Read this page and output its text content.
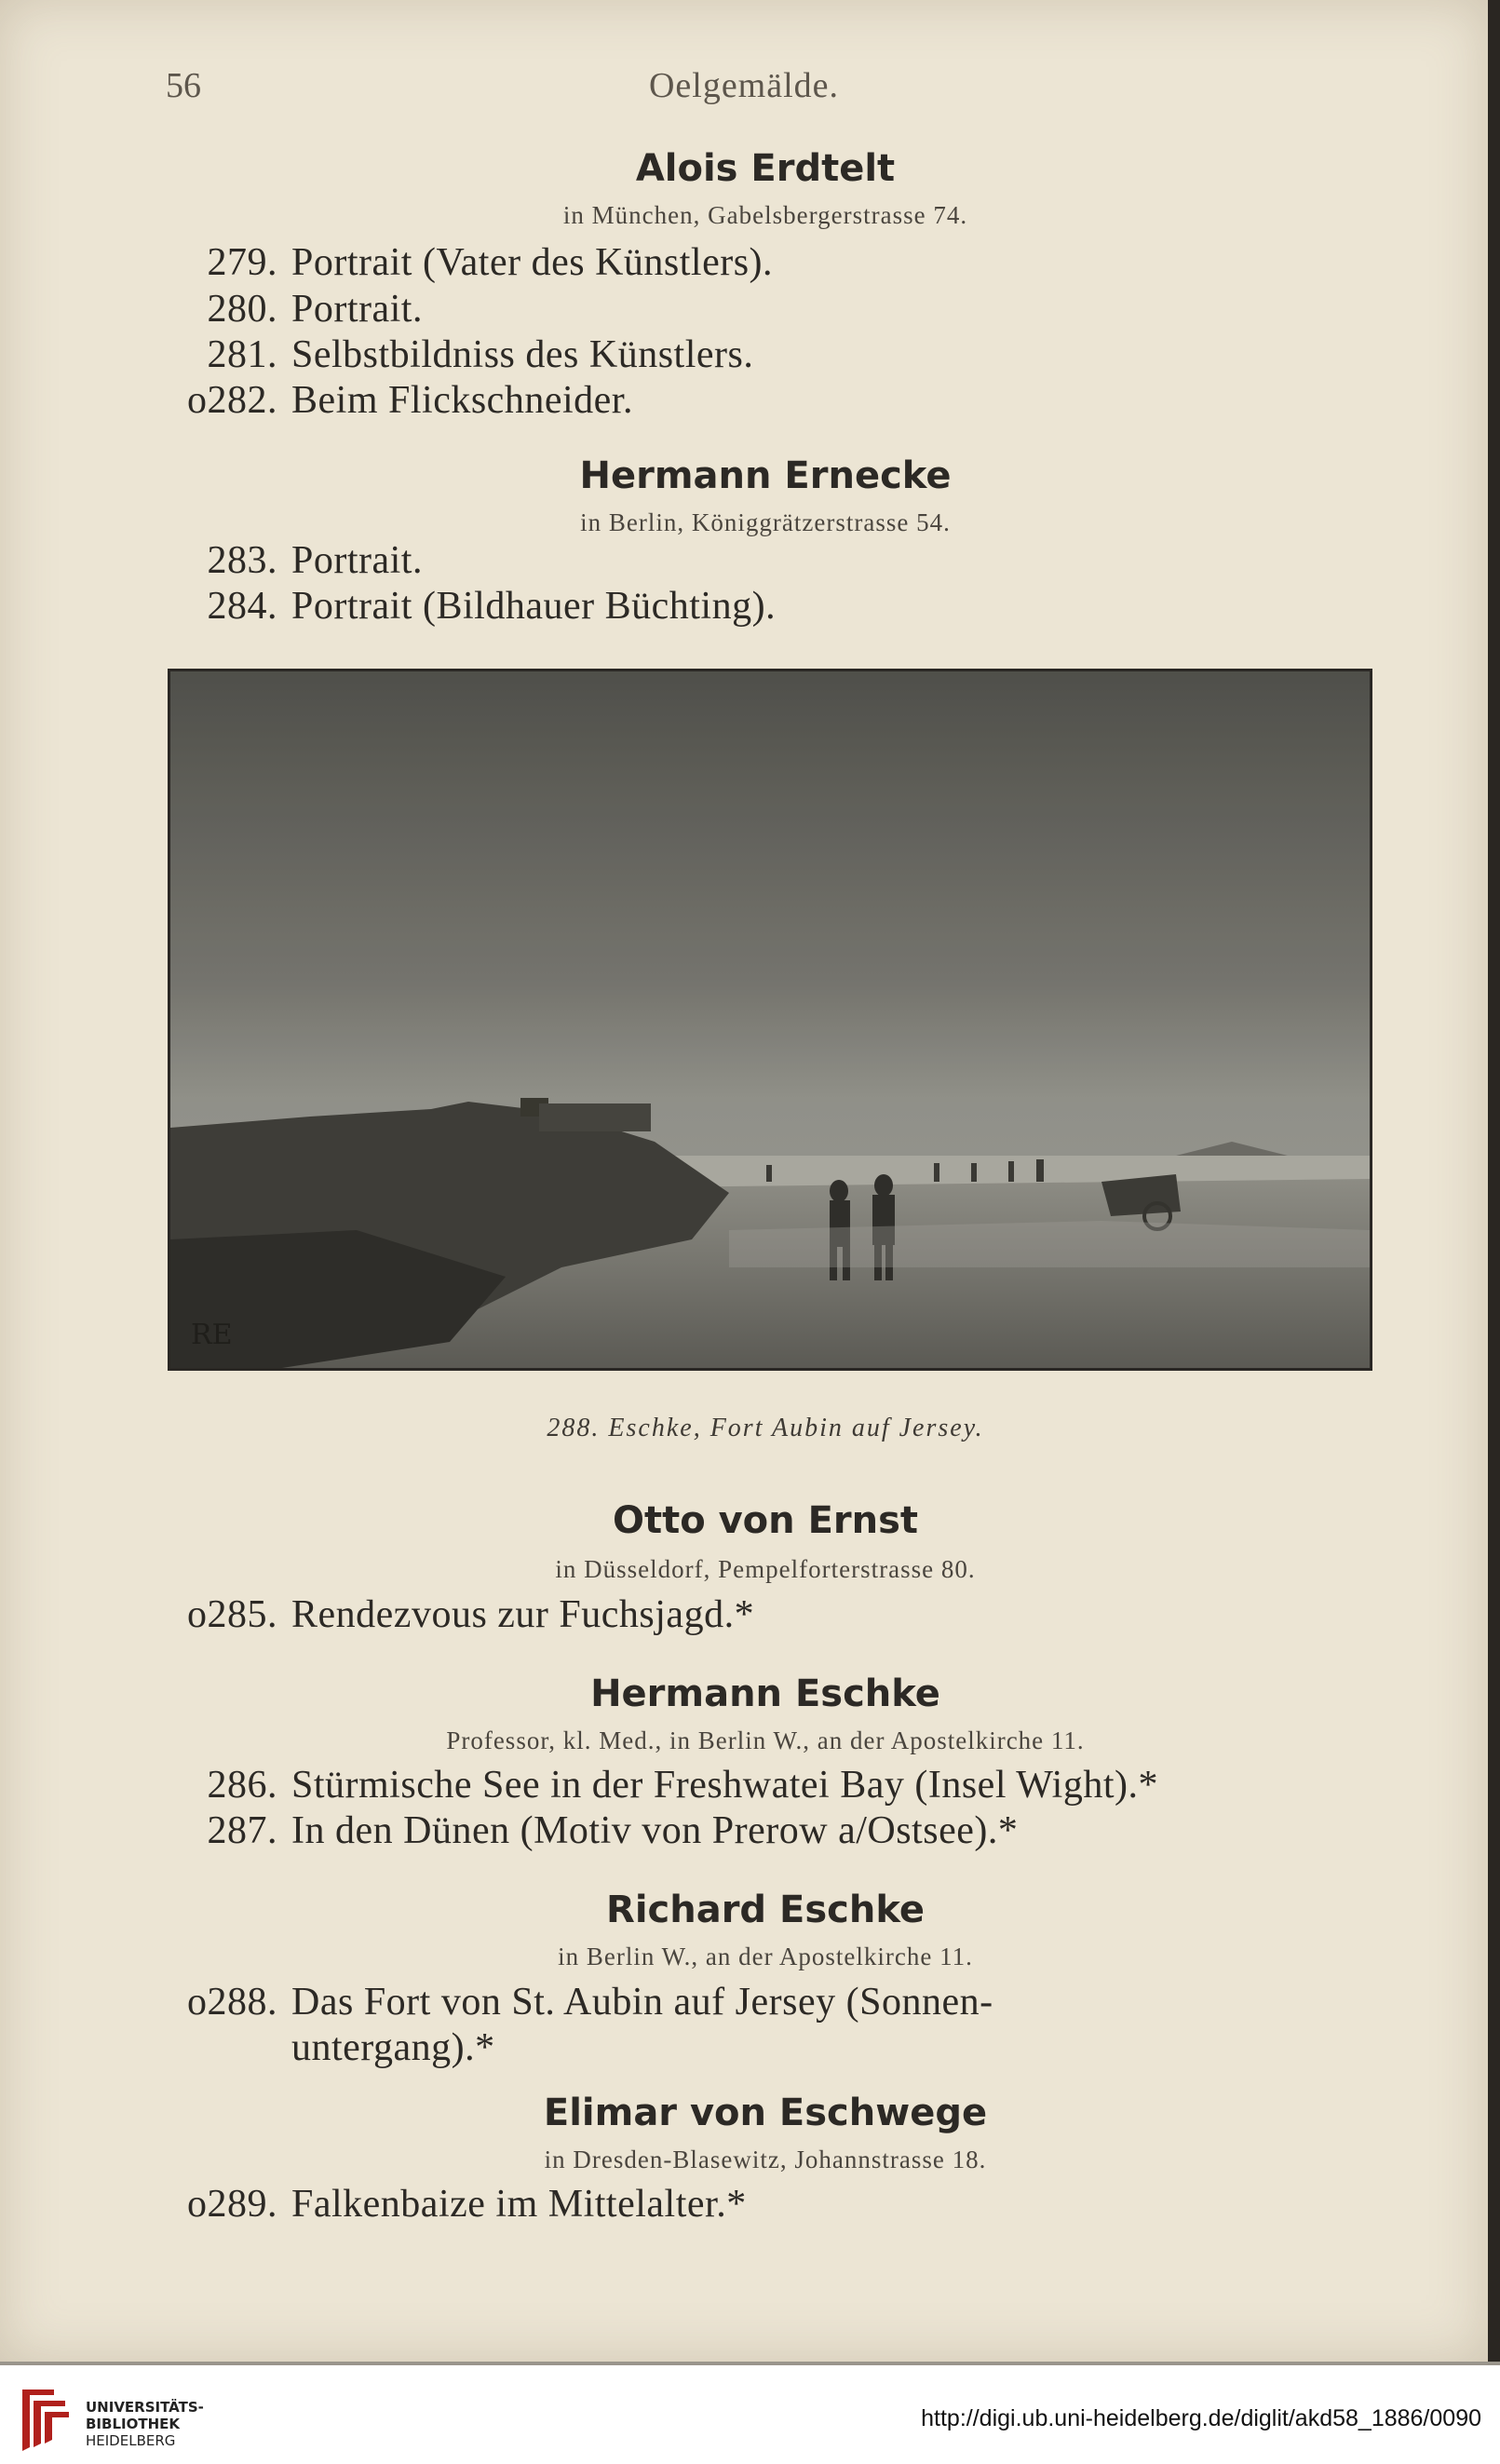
56	Oelgemälde.
Alois Erdtelt
in München, Gabelsbergerstrasse 74.
279. Portrait (Vater des Künstlers).
280. Portrait.
281. Selbstbildniss des Künstlers.
o282. Beim Flickschneider.
Hermann Ernecke
in Berlin, Königgrätzerstrasse 54.
283. Portrait.
284. Portrait (Bildhauer Büchting).
RE
288. Eschke, Fort Aubin auf Jersey.
Otto von Ernst
in Düsseldorf, Pempelforterstrasse 80.
o285. Rendezvous zur Fuchsjagd.*
Hermann Eschke
Professor, kl. Med., in Berlin W., an der Apostelkirche 11.
286. Stürmische See in der Freshwatei Bay (Insel Wight).*
287. In den Dünen (Motiv von Prerow a/Ostsee).*
Richard Eschke
in Berlin W., an der Apostelkirche 11.
o288. Das Fort von St. Aubin auf Jersey (Sonnen-
untergang).*
Elimar von Eschwege
in Dresden-Blasewitz, Johannstrasse 18.
o289. Falkenbaize im Mittelalter.*
UNIVERSITÄTS-
BIBLIOTHEK
HEIDELBERG
http://digi.ub.uni-heidelberg.de/diglit/akd58_1886/0090
